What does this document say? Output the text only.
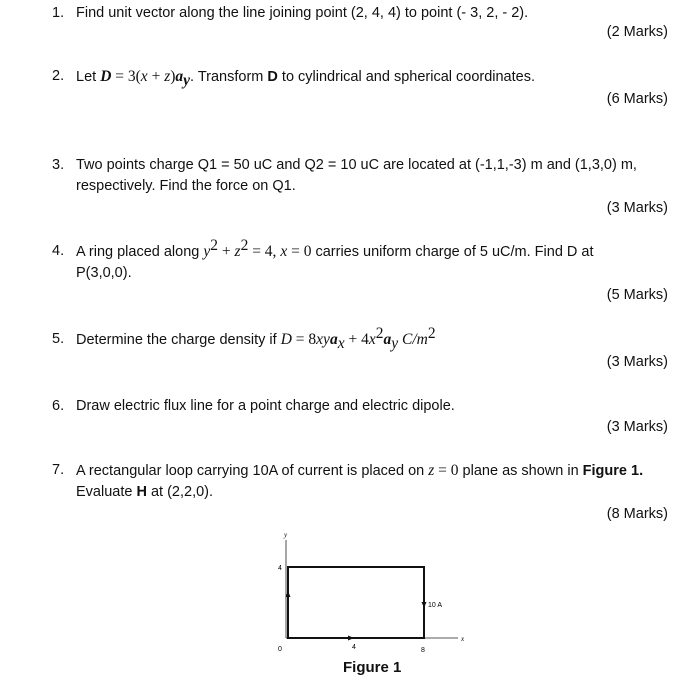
1. Find unit vector along the line joining point (2, 4, 4) to point (- 3, 2, - 2).
(2 Marks)
2. Let $D = 3(x + z)a_y$. Transform D to cylindrical and spherical coordinates.
(6 Marks)
3. Two points charge Q1 = 50 uC and Q2 = 10 uC are located at (-1,1,-3) m and (1,3,0) m,
respectively. Find the force on Q1.
(3 Marks)
4. A ring placed along $y^2 + z^2 = 4$, x = 0 carries uniform charge of 5 uC/m. Find D at
P(3,0,0).
(5 Marks)
5. Determine the charge density if $D = 8xya_x + 4x^2a_y$ $C/m^2$
(3 Marks)
6. Draw electric flux line for a point charge and electric dipole.
(3 Marks)
7. A rectangular loop carrying 10A of current is placed on z = 0 plane as shown in Figure 1.
Evaluate H at (2,2,0).
(8 Marks)
y
x
4
0	4	8
10 A
Figure 1
